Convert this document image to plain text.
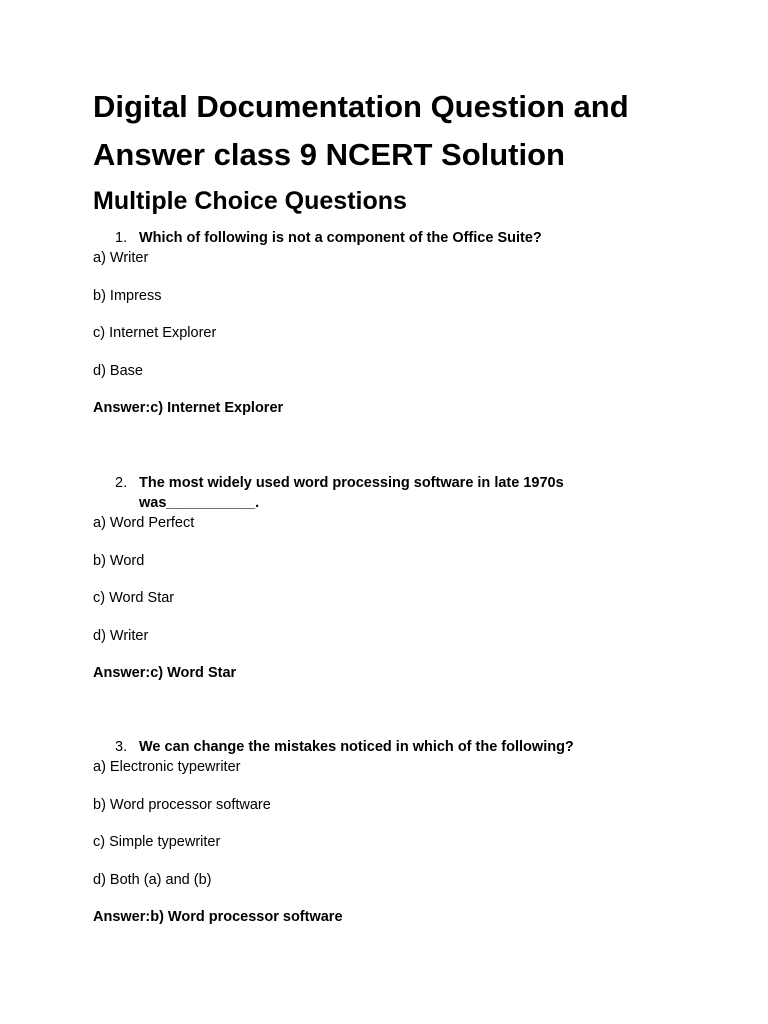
Digital Documentation Question and Answer class 9 NCERT Solution
Multiple Choice Questions
1. Which of following is not a component of the Office Suite?
a) Writer
b) Impress
c) Internet Explorer
d) Base
Answer:c) Internet Explorer
2. The most widely used word processing software in late 1970s was___________.
a) Word Perfect
b) Word
c) Word Star
d) Writer
Answer:c) Word Star
3. We can change the mistakes noticed in which of the following?
a) Electronic typewriter
b) Word processor software
c) Simple typewriter
d) Both (a) and (b)
Answer:b) Word processor software
